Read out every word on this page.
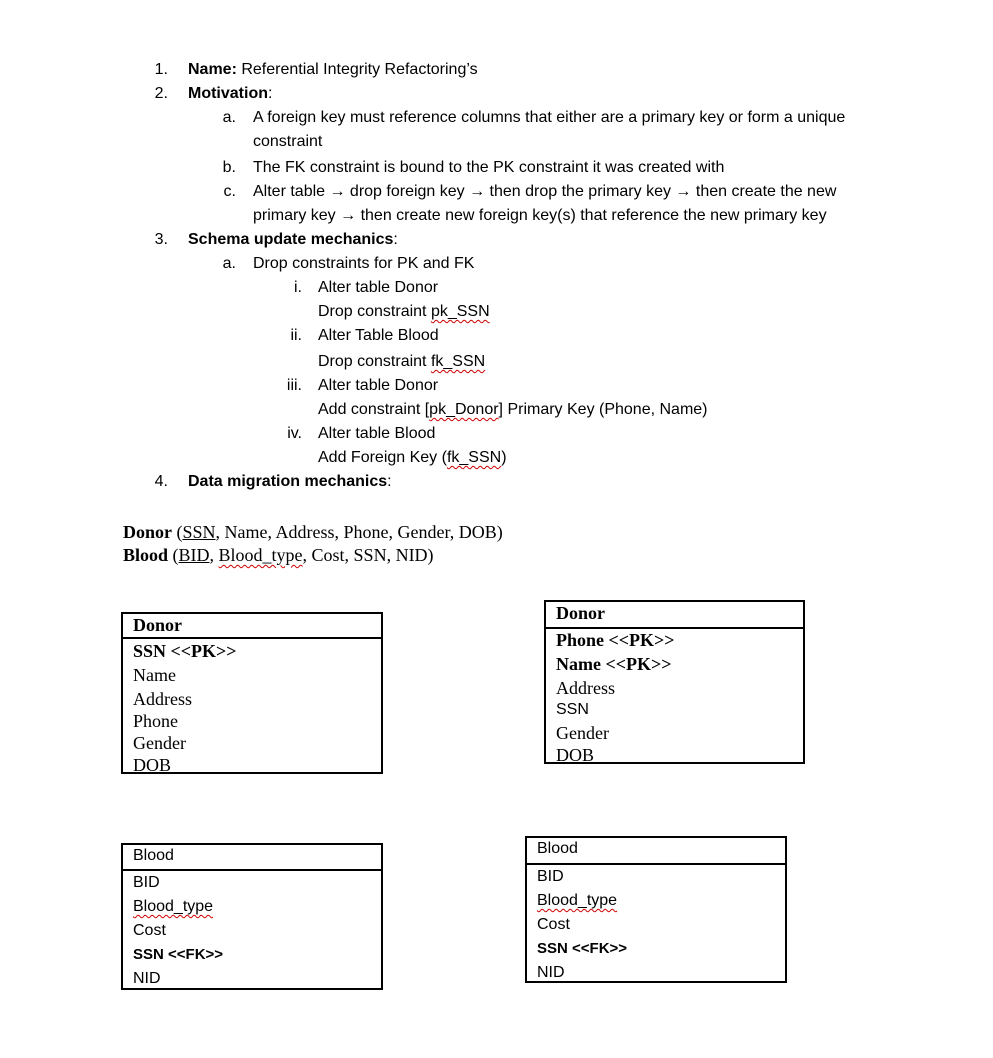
1. Name: Referential Integrity Refactoring’s
2. Motivation:
a. A foreign key must reference columns that either are a primary key or form a unique
constraint
b. The FK constraint is bound to the PK constraint it was created with
c. Alter table → drop foreign key → then drop the primary key → then create the new
primary key → then create new foreign key(s) that reference the new primary key
3. Schema update mechanics:
a. Drop constraints for PK and FK
i. Alter table Donor
Drop constraint pk_SSN
ii. Alter Table Blood
Drop constraint fk_SSN
iii. Alter table Donor
Add constraint [pk_Donor] Primary Key (Phone, Name)
iv. Alter table Blood
Add Foreign Key (fk_SSN)
4. Data migration mechanics:
Donor (SSN, Name, Address, Phone, Gender, DOB)
Blood (BID, Blood_type, Cost, SSN, NID)
Donor
SSN <<PK>>
Name
Address
Phone
Gender
DOB
Donor
Phone <<PK>>
Name <<PK>>
Address
SSN
Gender
DOB
Blood
BID
Blood_type
Cost
SSN <<FK>>
NID
Blood
BID
Blood_type
Cost
SSN <<FK>>
NID
